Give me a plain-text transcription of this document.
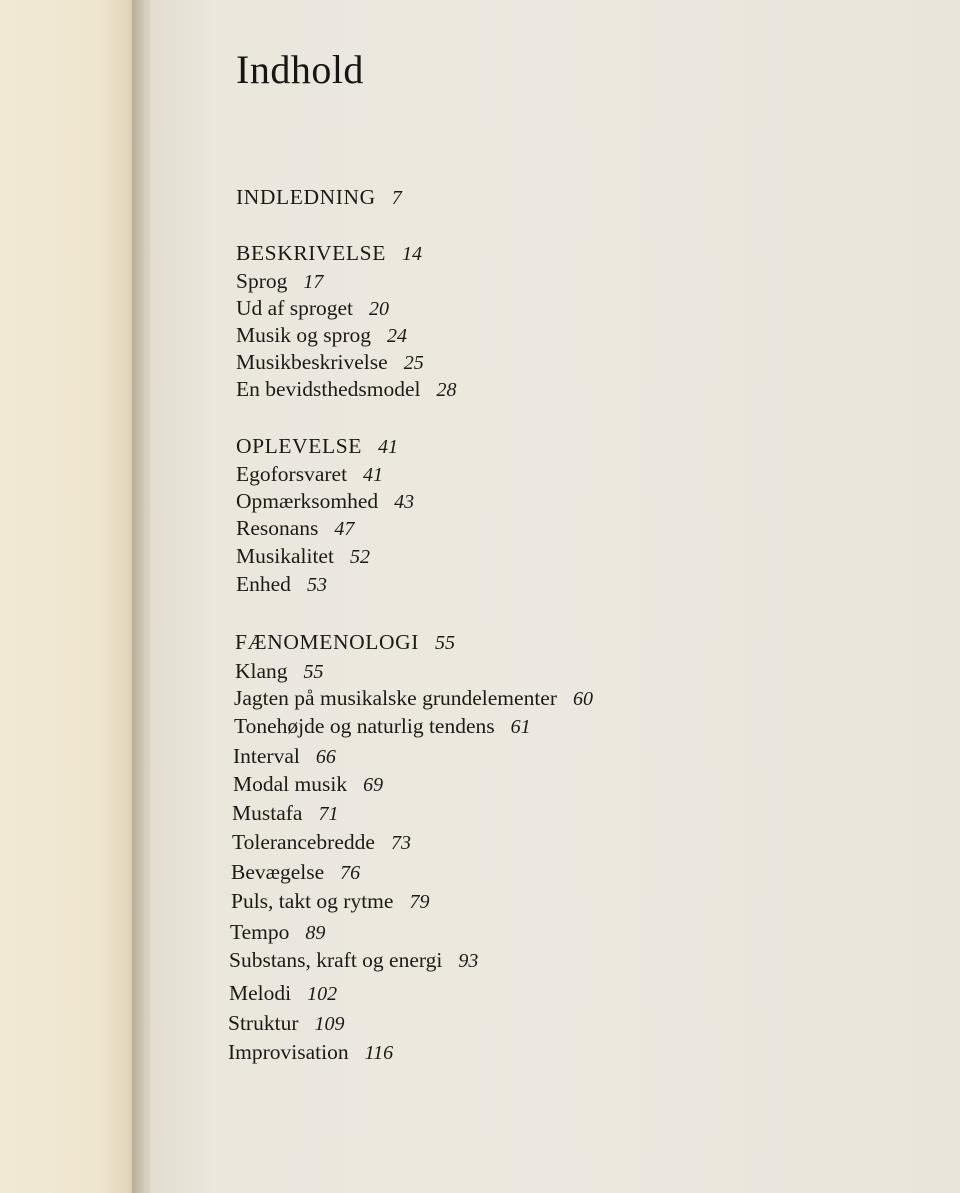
Indhold
INDLEDNING 7
BESKRIVELSE 14
Sprog 17
Ud af sproget 20
Musik og sprog 24
Musikbeskrivelse 25
En bevidsthedsmodel 28
OPLEVELSE 41
Egoforsvaret 41
Opmærksomhed 43
Resonans 47
Musikalitet 52
Enhed 53
FÆNOMENOLOGI 55
Klang 55
Jagten på musikalske grundelementer 60
Tonehøjde og naturlig tendens 61
Interval 66
Modal musik 69
Mustafa 71
Tolerancebredde 73
Bevægelse 76
Puls, takt og rytme 79
Tempo 89
Substans, kraft og energi 93
Melodi 102
Struktur 109
Improvisation 116
